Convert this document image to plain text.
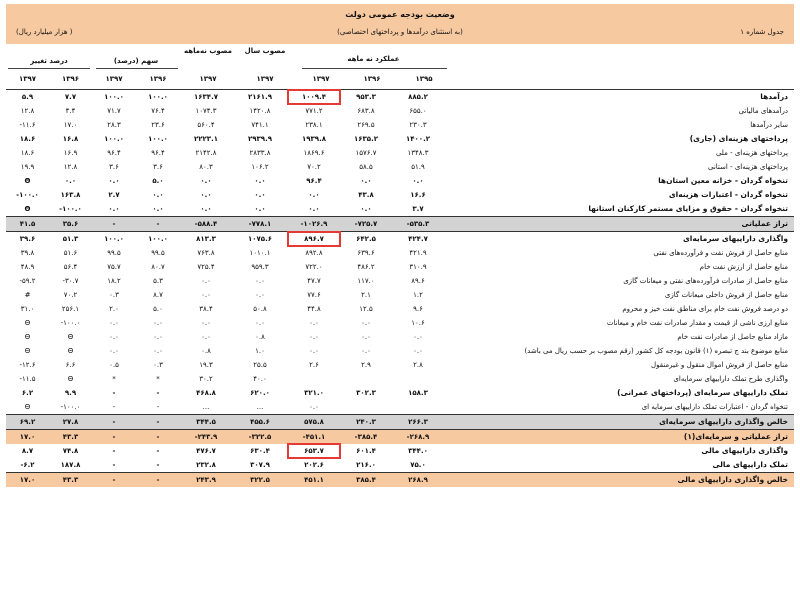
وضعیت بودجه عمومی دولت
(به استثنای درآمدها و پرداختهای اختصاصی)
(هزار میلیارد ریال )	جدول شماره ۱
درصد تغییر	سهم (درصد)
مصوب نه‌ماهه	مصوب سال
عملکرد نه ماهه
۱۳۹۷	۱۳۹۶	۱۳۹۷	۱۳۹۶	۱۳۹۷	۱۳۹۷	۱۳۹۷	۱۳۹۶	۱۳۹۵
۵.۹	۷.۷	۱۰۰.۰	۱۰۰.۰	۱۶۳۴.۷	۲۱۶۱.۹	۱۰۰۹.۴	۹۵۳.۳	۸۸۵.۲	درآمدها
۱۲.۸	۴.۴	۷۱.۷	۷۶.۴	۱۰۷۴.۳	۱۴۲۰.۸	۷۷۱.۲	۶۸۳.۸	۶۵۵.۰	درآمدهای مالیاتی
-۱۱.۶	۱۷.۰	۲۸.۳	۲۳.۶	۵۶۰.۴	۷۴۱.۱	۲۳۸.۱	۲۶۹.۵	۲۳۰.۳	سایر درآمدها
۱۸.۶	۱۶.۸	۱۰۰.۰	۱۰۰.۰	۲۲۲۳.۱	۲۹۳۹.۹	۱۹۳۹.۸	۱۶۳۵.۲	۱۴۰۰.۲	پرداختهای هزینه‌ای (جاری)
۱۸.۶	۱۶.۹	۹۶.۴	۹۶.۴	۲۱۴۲.۸	۲۸۳۳.۸	۱۸۶۹.۶	۱۵۷۶.۷	۱۳۴۸.۳	پرداختهای هزینه‌ای - ملی
۱۹.۹	۱۲.۸	۳.۶	۳.۶	۸۰.۳	۱۰۶.۲	۷۰.۲	۵۸.۵	۵۱.۹	پرداختهای هزینه‌ای - استانی
Θ	۰.۰	۰.۰	۵.۰	۰.۰	۰.۰	۹۶.۴	۰.۰	۰.۰	تنخواه گردان - خزانه معین استان‌ها
-۱۰۰.۰	۱۶۳.۸	۲.۷	۰.۰	۰.۰	۰.۰	۰.۰	۴۳.۸	۱۶.۶	تنخواه گردان - اعتبارات هزینه‌ای
Θ	-۱۰۰.۰	۰.۰	۰.۰	۰.۰	۰.۰	۰.۰	۰.۰	۳.۷	تنخواه گردان - حقوق و مزایای مستمر کارکنان استانها
۴۱.۵	۳۵.۶	-	-	-۵۸۸.۴	-۷۷۸.۱	-۱۰۲۶.۹	-۷۲۵.۷	-۵۳۵.۳	تراز عملیاتی
۳۹.۶	۵۱.۳	۱۰۰.۰	۱۰۰.۰	۸۱۳.۳	۱۰۷۵.۶	۸۹۶.۷	۶۴۲.۵	۴۲۴.۷	واگذاری داراییهای سرمایه‌ای
۳۹.۸	۵۱.۶	۹۹.۵	۹۹.۵	۷۶۳.۸	۱۰۱۰.۱	۸۹۲.۸	۶۳۹.۶	۴۲۱.۹	منابع حاصل از فروش نفت و فرآورده‌های نفتی
۴۸.۹	۵۶.۴	۷۵.۷	۸۰.۷	۷۲۵.۴	۹۵۹.۳	۷۲۲.۰	۴۸۶.۲	۳۱۰.۹	منابع حاصل از ارزش نفت خام
-۵۹.۲	-۳۰.۷	۱۸.۲	۵.۳	۰.۰	۰.۰	۴۷.۷	۱۱۷.۰	۸۹.۶	منابع حاصل از صادرات فرآورده‌های نفتی و میعانات گازی
#	۷۰.۲	۰.۳	۸.۷	۰.۰	۰.۰	۷۷.۶	۲.۱	۱.۲	منابع حاصل از فروش داخلی میعانات گازی
۳۱.۰	۲۵۶.۱	۲.۰	۵.۰	۳۸.۴	۵۰.۸	۴۴.۸	۱۲.۵	۹.۶	دو درصد فروش نفت خام برای مناطق نفت خیز و محروم
Θ	-۱۰۰.۰	۰.۰	۰.۰	۰.۰	۰.۰	۰.۰	۰.۰	۱۰.۶	منابع ارزی ناشی از قیمت و مقدار صادرات نفت خام و میعانات
Θ	Θ	۰.۰	۰.۰	۰.۰	۰.۸	۰.۰	۰.۰	۰.۰	مازاد منابع حاصل از صادرات نفت خام
Θ	Θ	۰.۰	۰.۰	۰.۸	۱.۰	۰.۰	۰.۰	۰.۰	منابع موضوع بند ج تبصره (۱) قانون بودجه کل کشور (رقم مصوب بر حسب ریال می باشد)
-۱۲.۶	۶.۶	۰.۵	۰.۳	۱۹.۳	۲۵.۵	۲.۶	۲.۹	۲.۸	منابع حاصل از فروش اموال منقول و غیرمنقول
-۱۱.۵	Θ	*	*	۳۰.۲	۴۰.۰				واگذاری طرح تملک داراییهای سرمایه‌ای
۶.۲	۹.۹	-	-	۴۶۸.۸	۶۲۰.۰	۳۲۱.۰	۳۰۲.۳	۱۵۸.۳	تملک داراییهای سرمایه‌ای (پرداختهای عمرانی)
Θ	-۱۰۰.۰	-	-	...	...	۰.۰			تنخواه گردان - اعتبارات تملک داراییهای سرمایه ای
۶۹.۲	۲۷.۸	-	-	۳۴۴.۵	۴۵۵.۶	۵۷۵.۸	۲۴۰.۳	۲۶۶.۳	خالص واگذاری داراییهای سرمایه‌ای
۱۷.۰	۴۳.۳	-	-	-۲۴۳.۹	-۳۲۲.۵	-۴۵۱.۱	-۳۸۵.۴	-۲۶۸.۹	تراز عملیاتی و سرمایه‌ای(۱)
۸.۷	۷۴.۸	-	-	۴۷۶.۷	۶۳۰.۴	۶۵۳.۷	۶۰۱.۴	۳۴۴.۰	واگذاری داراییهای مالی
-۶.۲	۱۸۷.۸	-	-	۲۳۲.۸	۳۰۷.۹	۲۰۲.۶	۲۱۶.۰	۷۵.۰	تملک داراییهای مالی
۱۷.۰	۴۳.۳	-	-	۲۴۳.۹	۳۲۲.۵	۴۵۱.۱	۳۸۵.۴	۲۶۸.۹	خالص واگذاری داراییهای مالی
